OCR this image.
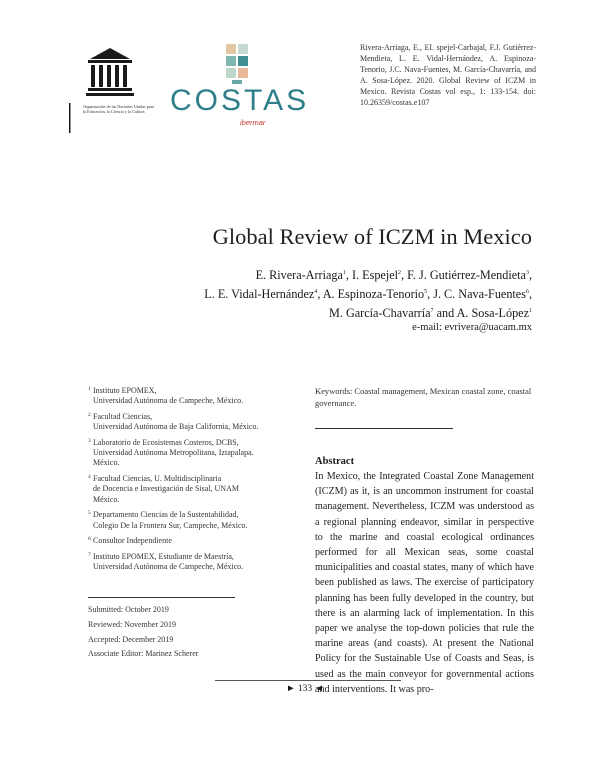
Organización de las Naciones Unidas para la Educación, la Ciencia y la Cultura COSTAS
ibermar
Rivera-Arriaga, E., EI. spejel-Carbajal, F.J. Gutiérrez-Mendieta, L. E. Vidal-Hernández, A. Espinoza-Tenorio, J.C. Nava-Fuentes, M. García-Chavarría, and A. Sosa-López. 2020. Global Review of ICZM in Mexico. Revista Costas vol esp., 1: 133-154. doi: 10.26359/costas.e107
Global Review of ICZM in Mexico
E. Rivera-Arriaga$^1$, I. Espejel$^2$, F. J. Gutiérrez-Mendieta$^3$,
L. E. Vidal-Hernández$^4$, A. Espinoza-Tenorio$^5$, J. C. Nava-Fuentes$^6$,
M. García-Chavarría$^7$ and A. Sosa-López$^1$
e-mail: evrivera@uacam.mx
1 Instituto EPOMEX,
Universidad Autónoma de Campeche, México.
2 Facultad Ciencias,
Universidad Autónoma de Baja California, México.
3 Laboratorio de Ecosistemas Costeros, DCBS,
Universidad Autónoma Metropolitana, Iztapalapa.
México.
4 Facultad Ciencias, U. Multidisciplinaria
de Docencia e Investigación de Sisal, UNAM
México.
5 Departamento Ciencias de la Sustentabilidad,
Colegio De la Frontera Sur, Campeche, México.
6 Consultor Independiente
7 Instituto EPOMEX, Estudiante de Maestría,
Universidad Autónoma de Campeche, México.
Submitted: October 2019
Reviewed: November 2019
Accepted: December 2019
Associate Editor: Marinez Scherer
Keywords: Coastal management, Mexican coastal zone, coastal governance.
Abstract
In Mexico, the Integrated Coastal Zone Management (ICZM) as it, is an uncommon instrument for coastal management. Nevertheless, ICZM was understood as a regional planning endeavor, similar in perspective to the marine and coastal ecological ordinances performed for all Mexican seas, some coastal municipalities and coastal states, many of which have been published as laws. The exercise of participatory planning has been fully developed in the country, but there is an alarming lack of implementation. In this paper we analyse the top-down policies that rule the marine areas (and coasts). At present the National Policy for the Sustainable Use of Coasts and Seas, is used as the main conveyor for governmental actions and interventions. It was pro-
► 133 ◄
